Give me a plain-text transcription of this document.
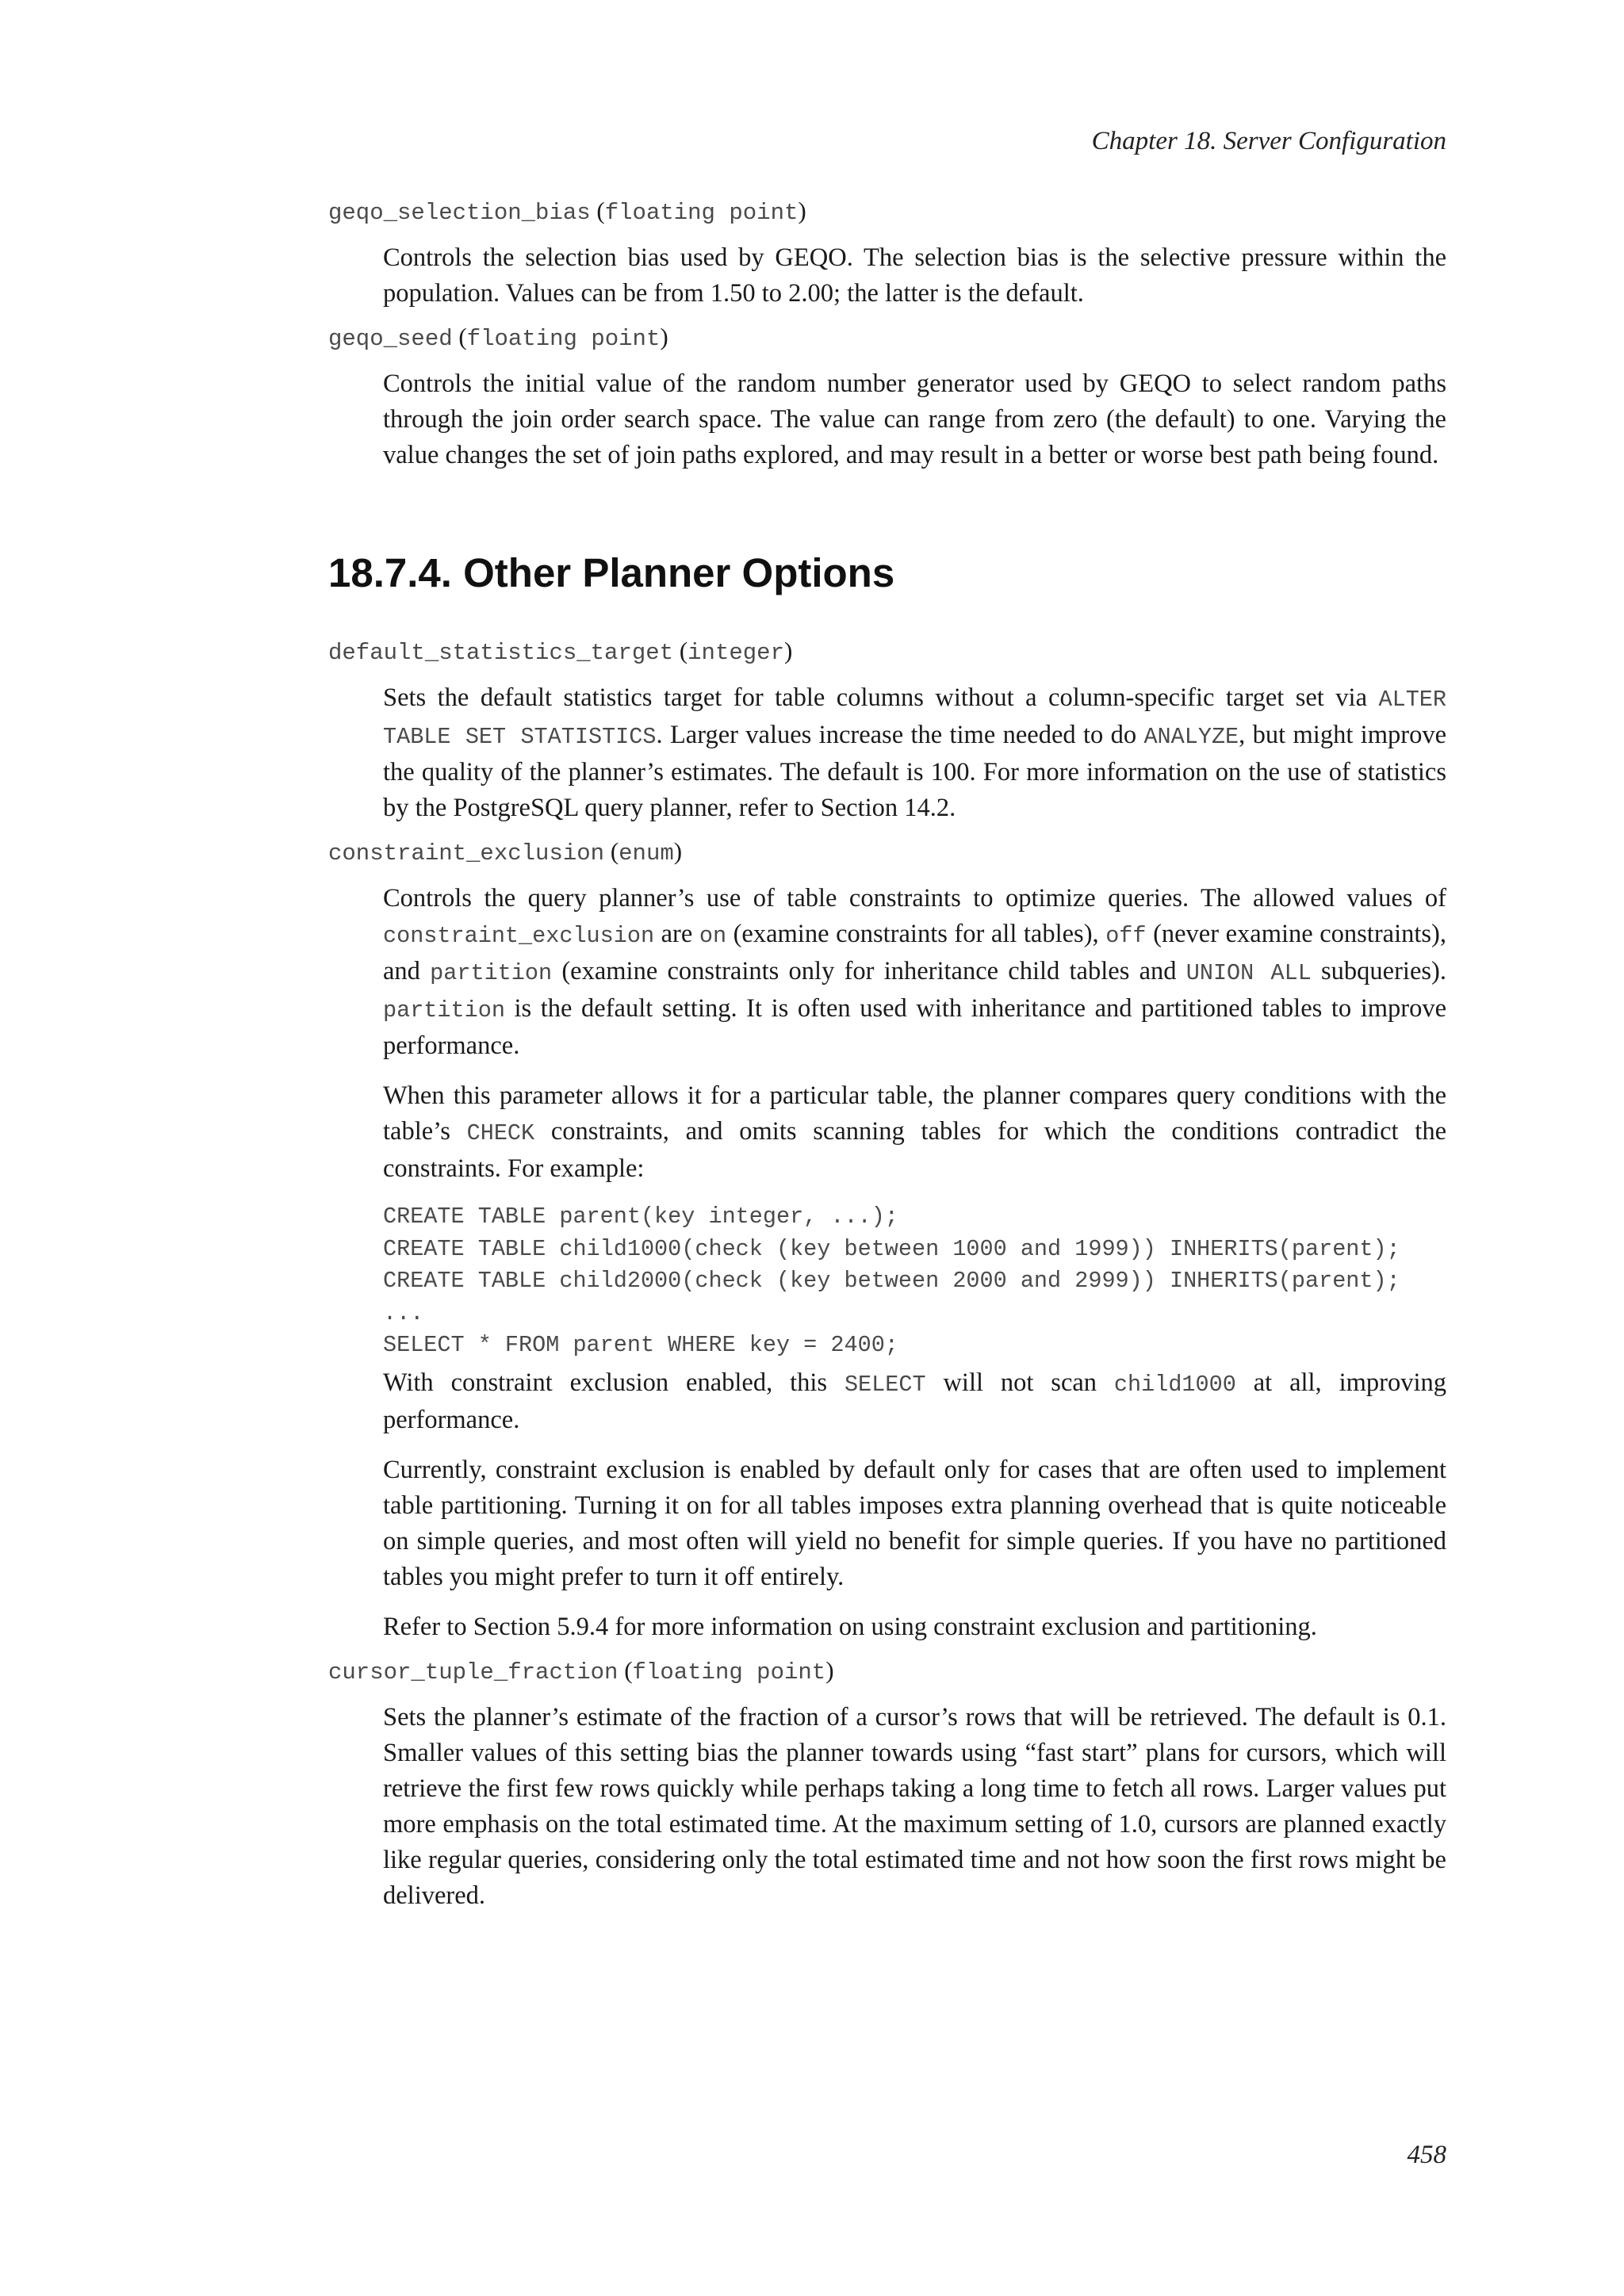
Chapter 18. Server Configuration
geqo_selection_bias (floating point)

Controls the selection bias used by GEQO. The selection bias is the selective pressure within the population. Values can be from 1.50 to 2.00; the latter is the default.

geqo_seed (floating point)

Controls the initial value of the random number generator used by GEQO to select random paths through the join order search space. The value can range from zero (the default) to one. Varying the value changes the set of join paths explored, and may result in a better or worse best path being found.

18.7.4. Other Planner Options
default_statistics_target (integer)

Sets the default statistics target for table columns without a column-specific target set via ALTER TABLE SET STATISTICS. Larger values increase the time needed to do ANALYZE, but might improve the quality of the planner’s estimates. The default is 100. For more information on the use of statistics by the PostgreSQL query planner, refer to Section 14.2.

constraint_exclusion (enum)

Controls the query planner’s use of table constraints to optimize queries. The allowed values of constraint_exclusion are on (examine constraints for all tables), off (never examine constraints), and partition (examine constraints only for inheritance child tables and UNION ALL subqueries). partition is the default setting. It is often used with inheritance and partitioned tables to improve performance.

When this parameter allows it for a particular table, the planner compares query conditions with the table’s CHECK constraints, and omits scanning tables for which the conditions contradict the constraints. For example:

CREATE TABLE parent(key integer, ...);
CREATE TABLE child1000(check (key between 1000 and 1999)) INHERITS(parent);
CREATE TABLE child2000(check (key between 2000 and 2999)) INHERITS(parent);
...
SELECT * FROM parent WHERE key = 2400;

With constraint exclusion enabled, this SELECT will not scan child1000 at all, improving performance.

Currently, constraint exclusion is enabled by default only for cases that are often used to implement table partitioning. Turning it on for all tables imposes extra planning overhead that is quite noticeable on simple queries, and most often will yield no benefit for simple queries. If you have no partitioned tables you might prefer to turn it off entirely.

Refer to Section 5.9.4 for more information on using constraint exclusion and partitioning.

cursor_tuple_fraction (floating point)

Sets the planner’s estimate of the fraction of a cursor’s rows that will be retrieved. The default is 0.1. Smaller values of this setting bias the planner towards using “fast start” plans for cursors, which will retrieve the first few rows quickly while perhaps taking a long time to fetch all rows. Larger values put more emphasis on the total estimated time. At the maximum setting of 1.0, cursors are planned exactly like regular queries, considering only the total estimated time and not how soon the first rows might be delivered.

458
